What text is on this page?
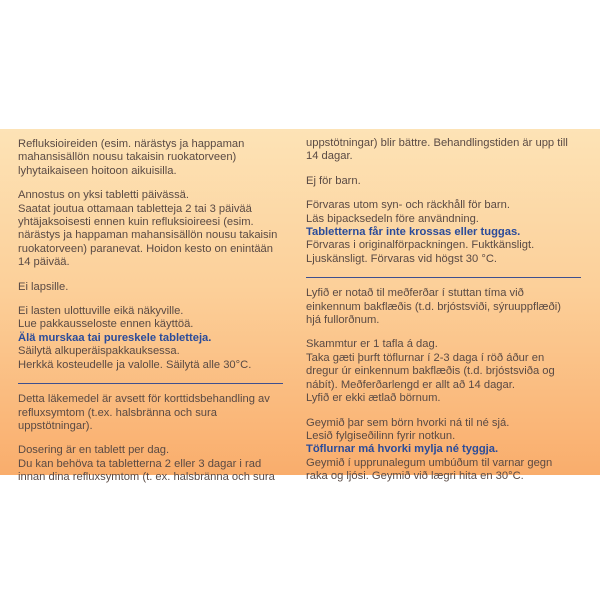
Refluksioireiden (esim. närästys ja happaman mahansisällön nousu takaisin ruokatorveen) lyhytaikaiseen hoitoon aikuisilla.

Annostus on yksi tabletti päivässä.

Saatat joutua ottamaan tabletteja 2 tai 3 päivää yhtäjaksoisesti ennen kuin refluksioireesi (esim. närästys ja happaman mahansisällön nousu takaisin ruokatorveen) paranevat. Hoidon kesto on enintään 14 päivää.

Ei lapsille.

Ei lasten ulottuville eikä näkyville.

Lue pakkausseloste ennen käyttöä.

Älä murskaa tai pureskele tabletteja.

Säilytä alkuperäispakkauksessa.

Herkkä kosteudelle ja valolle. Säilytä alle 30°C.

Detta läkemedel är avsett för korttidsbehandling av refluxsymtom (t.ex. halsbränna och sura uppstötningar).

Dosering är en tablett per dag.

Du kan behöva ta tabletterna 2 eller 3 dagar i rad innan dina refluxsymtom (t. ex. halsbränna och sura

uppstötningar) blir bättre. Behandlingstiden är upp till 14 dagar.

Ej för barn.

Förvaras utom syn- och räckhåll för barn.

Läs bipacksedeln före användning.

Tabletterna får inte krossas eller tuggas.

Förvaras i originalförpackningen. Fuktkänsligt. Ljuskänsligt. Förvaras vid högst 30 °C.

Lyfið er notað til meðferðar í stuttan tíma við einkennum bakflæðis (t.d. brjóstsviði, sýruuppflæði) hjá fullorðnum.

Skammtur er 1 tafla á dag.

Taka gæti þurft töflurnar í 2-3 daga í röð áður en dregur úr einkennum bakflæðis (t.d. brjóstsviða og nábít). Meðferðarlengd er allt að 14 dagar.

Lyfið er ekki ætlað börnum.

Geymið þar sem börn hvorki ná til né sjá.

Lesið fylgiseðilinn fyrir notkun.

Töflurnar má hvorki mylja né tyggja.

Geymið í upprunalegum umbúðum til varnar gegn raka og ljósi. Geymið við lægri hita en 30°C.
